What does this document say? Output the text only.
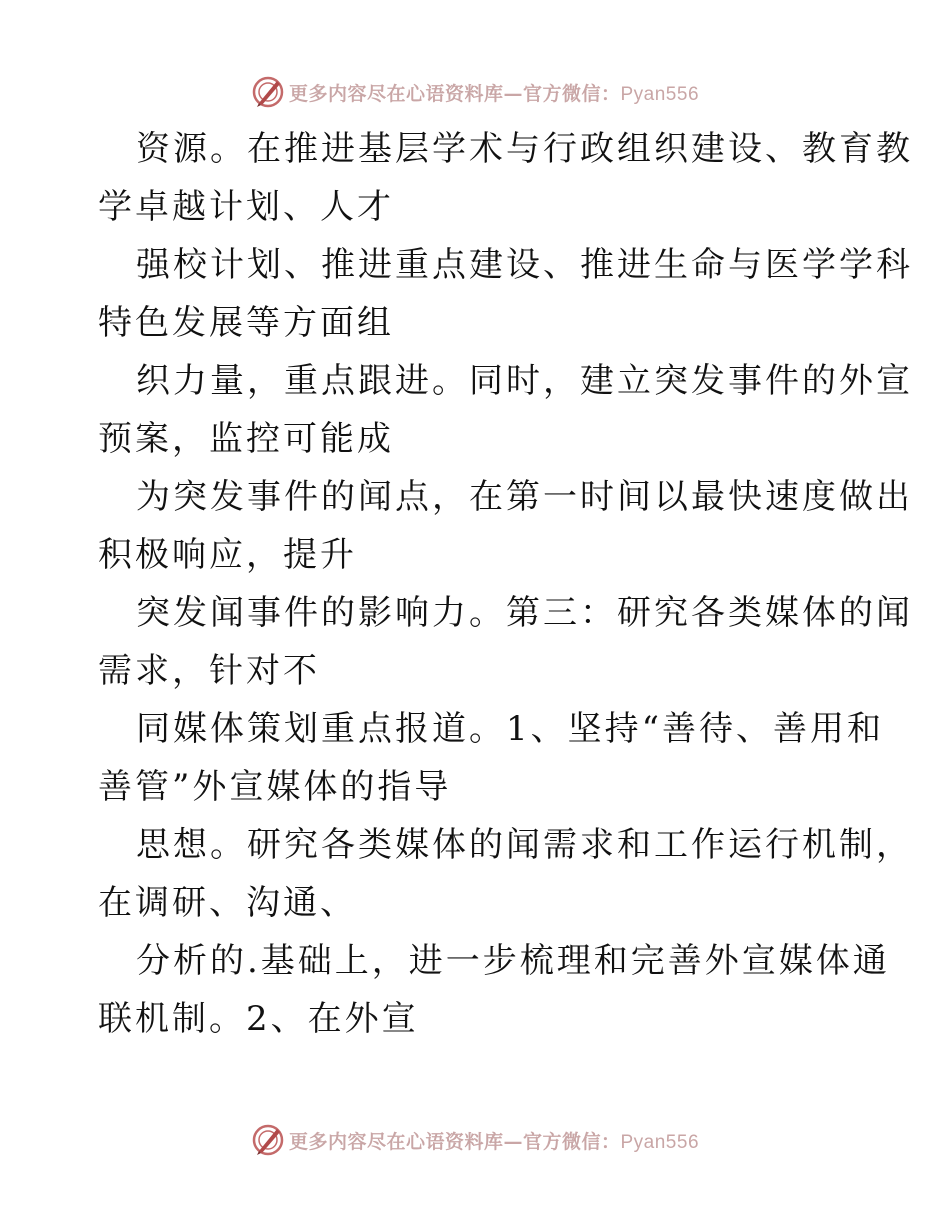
更多内容尽在心语资料库—官方微信：Pyan556
资源。在推进基层学术与行政组织建设、教育教
学卓越计划、人才
强校计划、推进重点建设、推进生命与医学学科
特色发展等方面组
织力量，重点跟进。同时，建立突发事件的外宣
预案，监控可能成
为突发事件的闻点，在第一时间以最快速度做出
积极响应，提升
突发闻事件的影响力。第三：研究各类媒体的闻
需求，针对不
同媒体策划重点报道。1、坚持“善待、善用和
善管”外宣媒体的指导
思想。研究各类媒体的闻需求和工作运行机制，
在调研、沟通、
分析的.基础上，进一步梳理和完善外宣媒体通
联机制。2、在外宣
更多内容尽在心语资料库—官方微信：Pyan556
